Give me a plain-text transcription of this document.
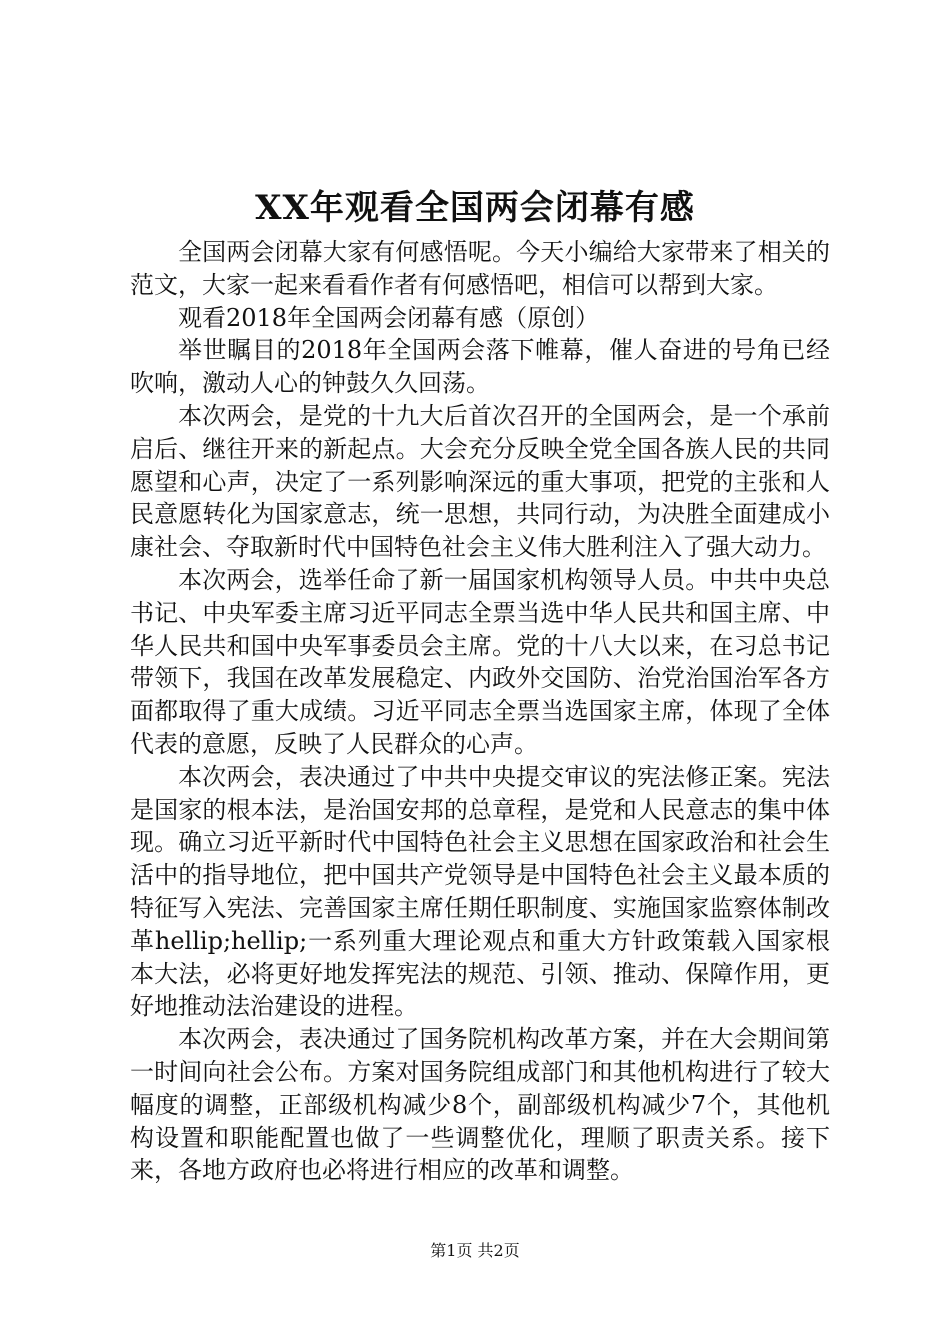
XX年观看全国两会闭幕有感

全国两会闭幕大家有何感悟呢。今天小编给大家带来了相关的范文，大家一起来看看作者有何感悟吧，相信可以帮到大家。

观看2018年全国两会闭幕有感（原创）

举世瞩目的2018年全国两会落下帷幕，催人奋进的号角已经吹响，激动人心的钟鼓久久回荡。

本次两会，是党的十九大后首次召开的全国两会，是一个承前启后、继往开来的新起点。大会充分反映全党全国各族人民的共同愿望和心声，决定了一系列影响深远的重大事项，把党的主张和人民意愿转化为国家意志，统一思想，共同行动，为决胜全面建成小康社会、夺取新时代中国特色社会主义伟大胜利注入了强大动力。

本次两会，选举任命了新一届国家机构领导人员。中共中央总书记、中央军委主席习近平同志全票当选中华人民共和国主席、中华人民共和国中央军事委员会主席。党的十八大以来，在习总书记带领下，我国在改革发展稳定、内政外交国防、治党治国治军各方面都取得了重大成绩。习近平同志全票当选国家主席，体现了全体代表的意愿，反映了人民群众的心声。

本次两会，表决通过了中共中央提交审议的宪法修正案。宪法是国家的根本法，是治国安邦的总章程，是党和人民意志的集中体现。确立习近平新时代中国特色社会主义思想在国家政治和社会生活中的指导地位，把中国共产党领导是中国特色社会主义最本质的特征写入宪法、完善国家主席任期任职制度、实施国家监察体制改革hellip;hellip;一系列重大理论观点和重大方针政策载入国家根本大法，必将更好地发挥宪法的规范、引领、推动、保障作用，更好地推动法治建设的进程。

本次两会，表决通过了国务院机构改革方案，并在大会期间第一时间向社会公布。方案对国务院组成部门和其他机构进行了较大幅度的调整，正部级机构减少8个，副部级机构减少7个，其他机构设置和职能配置也做了一些调整优化，理顺了职责关系。接下来，各地方政府也必将进行相应的改革和调整。

第1页 共2页
